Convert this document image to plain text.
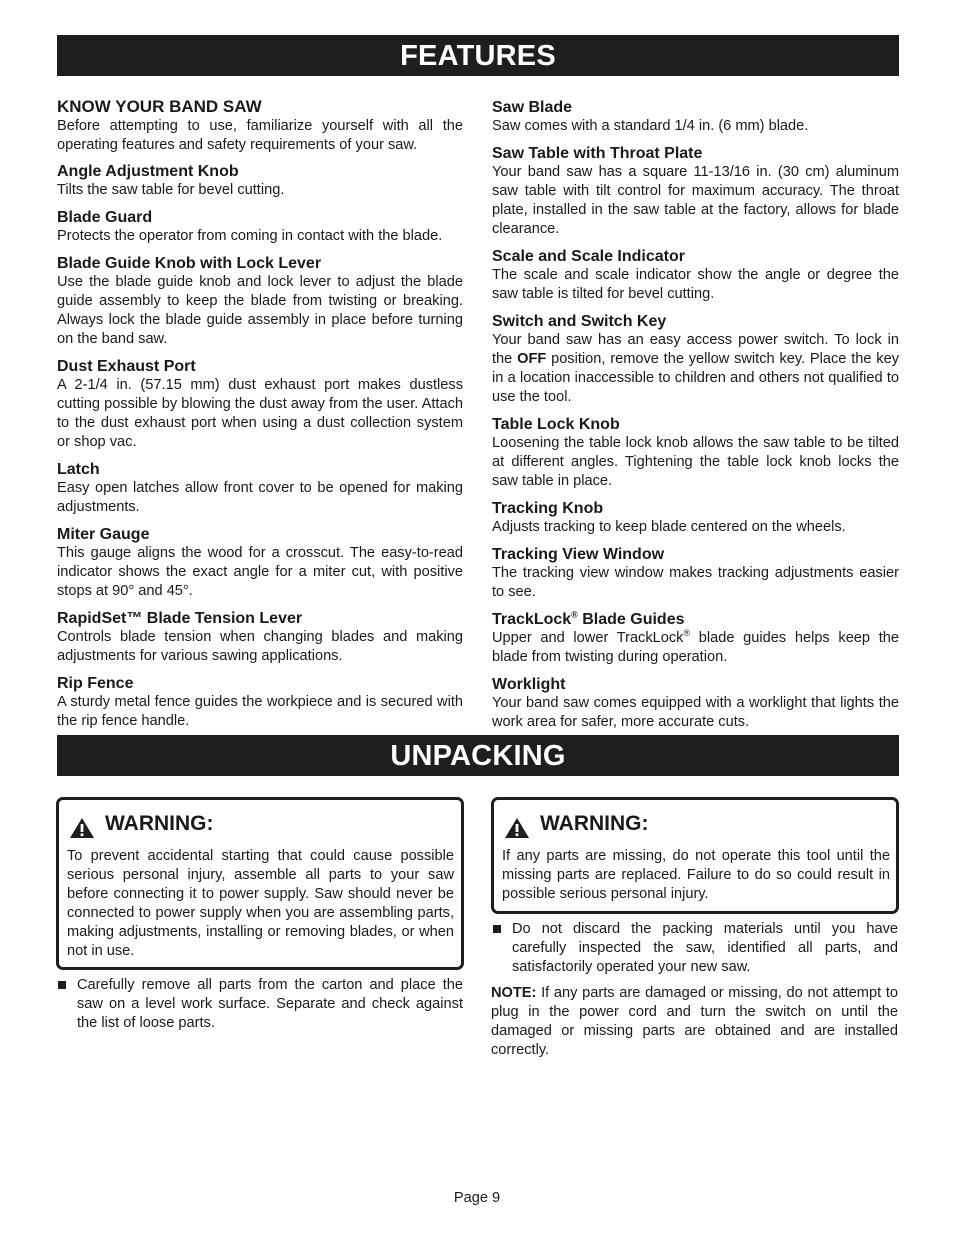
FEATURES

KNOW YOUR BAND SAW

Before attempting to use, familiarize yourself with all the operating features and safety requirements of your saw.

Angle Adjustment Knob

Tilts the saw table for bevel cutting.

Blade Guard

Protects the operator from coming in contact with the blade.

Blade Guide Knob with Lock Lever

Use the blade guide knob and lock lever to adjust the blade guide assembly to keep the blade from twisting or breaking. Always lock the blade guide assembly in place before turning on the band saw.

Dust Exhaust Port

A 2-1/4 in. (57.15 mm) dust exhaust port makes dustless cutting possible by blowing the dust away from the user. Attach to the dust exhaust port when using a dust collection system or shop vac.

Latch

Easy open latches allow front cover to be opened for making adjustments.

Miter Gauge

This gauge aligns the wood for a crosscut. The easy-to-read indicator shows the exact angle for a miter cut, with positive stops at 90° and 45°.

RapidSet™ Blade Tension Lever

Controls blade tension when changing blades and making adjustments for various sawing applications.

Rip Fence

A sturdy metal fence guides the workpiece and is secured with the rip fence handle.

Saw Blade

Saw comes with a standard 1/4 in. (6 mm) blade.

Saw Table with Throat Plate

Your band saw has a square 11-13/16 in. (30 cm) aluminum saw table with tilt control for maximum accuracy. The throat plate, installed in the saw table at the factory, allows for blade clearance.

Scale and Scale Indicator

The scale and scale indicator show the angle or degree the saw table is tilted for bevel cutting.

Switch and Switch Key

Your band saw has an easy access power switch. To lock in the OFF position, remove the yellow switch key. Place the key in a location inaccessible to children and others not qualified to use the tool.

Table Lock Knob

Loosening the table lock knob allows the saw table to be tilted at different angles. Tightening the table lock knob locks the saw table in place.

Tracking Knob

Adjusts tracking to keep blade centered on the wheels.

Tracking View Window

The tracking view window makes tracking adjustments easier to see.

TrackLock® Blade Guides

Upper and lower TrackLock® blade guides helps keep the blade from twisting during operation.

Worklight

Your band saw comes equipped with a worklight that lights the work area for safer, more accurate cuts.

UNPACKING
WARNING:
To prevent accidental starting that could cause possible serious personal injury, assemble all parts to your saw before connecting it to power supply. Saw should never be connected to power supply when you are assembling parts, making adjustments, installing or removing blades, or when not in use.
Carefully remove all parts from the carton and place the saw on a level work surface. Separate and check against the list of loose parts.
WARNING:
If any parts are missing, do not operate this tool until the missing parts are replaced. Failure to do so could result in possible serious personal injury.
Do not discard the packing materials until you have carefully inspected the saw, identified all parts, and satisfactorily operated your new saw.
NOTE: If any parts are damaged or missing, do not attempt to plug in the power cord and turn the switch on until the damaged or missing parts are obtained and are installed correctly.
Page 9
